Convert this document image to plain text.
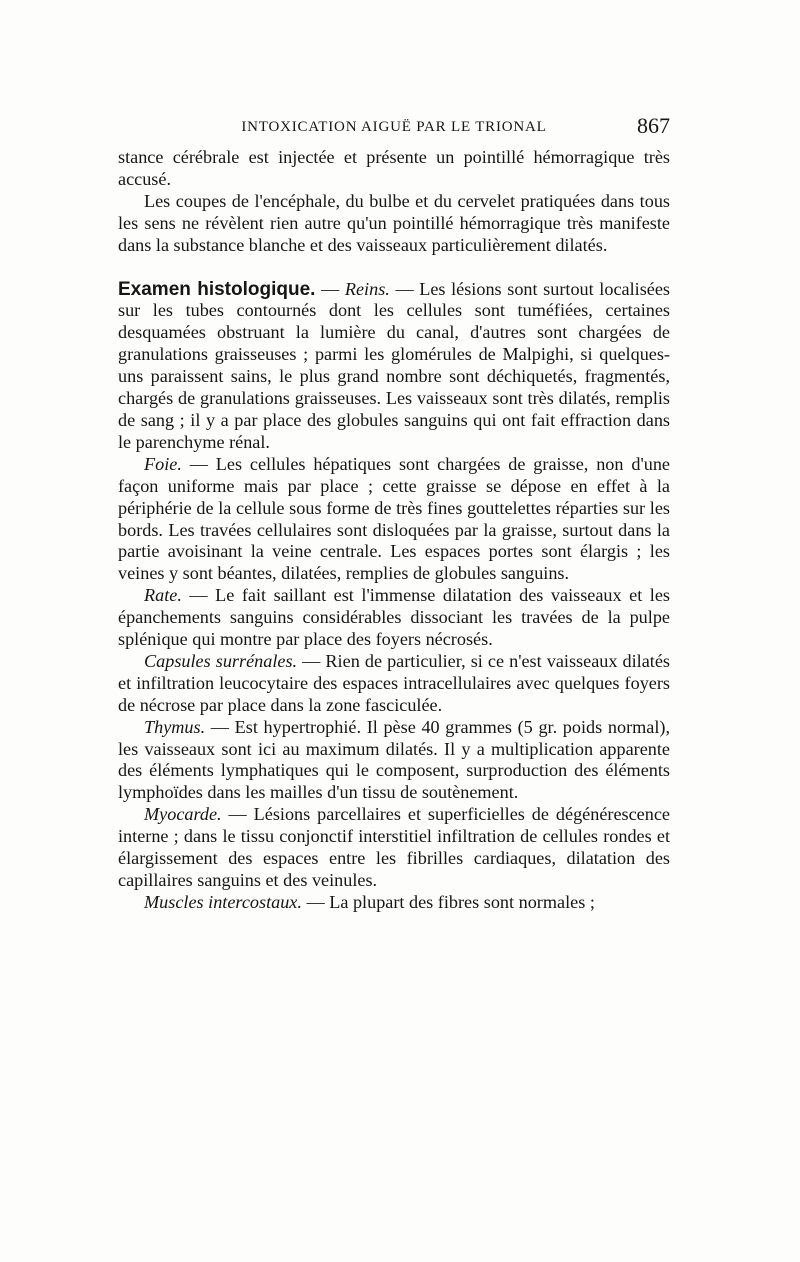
INTOXICATION AIGUË PAR LE TRIONAL	867

stance cérébrale est injectée et présente un pointillé hémorragique très accusé.

Les coupes de l'encéphale, du bulbe et du cervelet pratiquées dans tous les sens ne révèlent rien autre qu'un pointillé hémorragique très manifeste dans la substance blanche et des vaisseaux particulièrement dilatés.

Examen histologique. — Reins. — Les lésions sont surtout localisées sur les tubes contournés dont les cellules sont tuméfiées, certaines desquamées obstruant la lumière du canal, d'autres sont chargées de granulations graisseuses ; parmi les glomérules de Malpighi, si quelques-uns paraissent sains, le plus grand nombre sont déchiquetés, fragmentés, chargés de granulations graisseuses. Les vaisseaux sont très dilatés, remplis de sang ; il y a par place des globules sanguins qui ont fait effraction dans le parenchyme rénal.

Foie. — Les cellules hépatiques sont chargées de graisse, non d'une façon uniforme mais par place ; cette graisse se dépose en effet à la périphérie de la cellule sous forme de très fines gouttelettes réparties sur les bords. Les travées cellulaires sont disloquées par la graisse, surtout dans la partie avoisinant la veine centrale. Les espaces portes sont élargis ; les veines y sont béantes, dilatées, remplies de globules sanguins.

Rate. — Le fait saillant est l'immense dilatation des vaisseaux et les épanchements sanguins considérables dissociant les travées de la pulpe splénique qui montre par place des foyers nécrosés.

Capsules surrénales. — Rien de particulier, si ce n'est vaisseaux dilatés et infiltration leucocytaire des espaces intracellulaires avec quelques foyers de nécrose par place dans la zone fasciculée.

Thymus. — Est hypertrophié. Il pèse 40 grammes (5 gr. poids normal), les vaisseaux sont ici au maximum dilatés. Il y a multiplication apparente des éléments lymphatiques qui le composent, surproduction des éléments lymphoïdes dans les mailles d'un tissu de soutènement.

Myocarde. — Lésions parcellaires et superficielles de dégénérescence interne ; dans le tissu conjonctif interstitiel infiltration de cellules rondes et élargissement des espaces entre les fibrilles cardiaques, dilatation des capillaires sanguins et des veinules.

Muscles intercostaux. — La plupart des fibres sont normales ;
